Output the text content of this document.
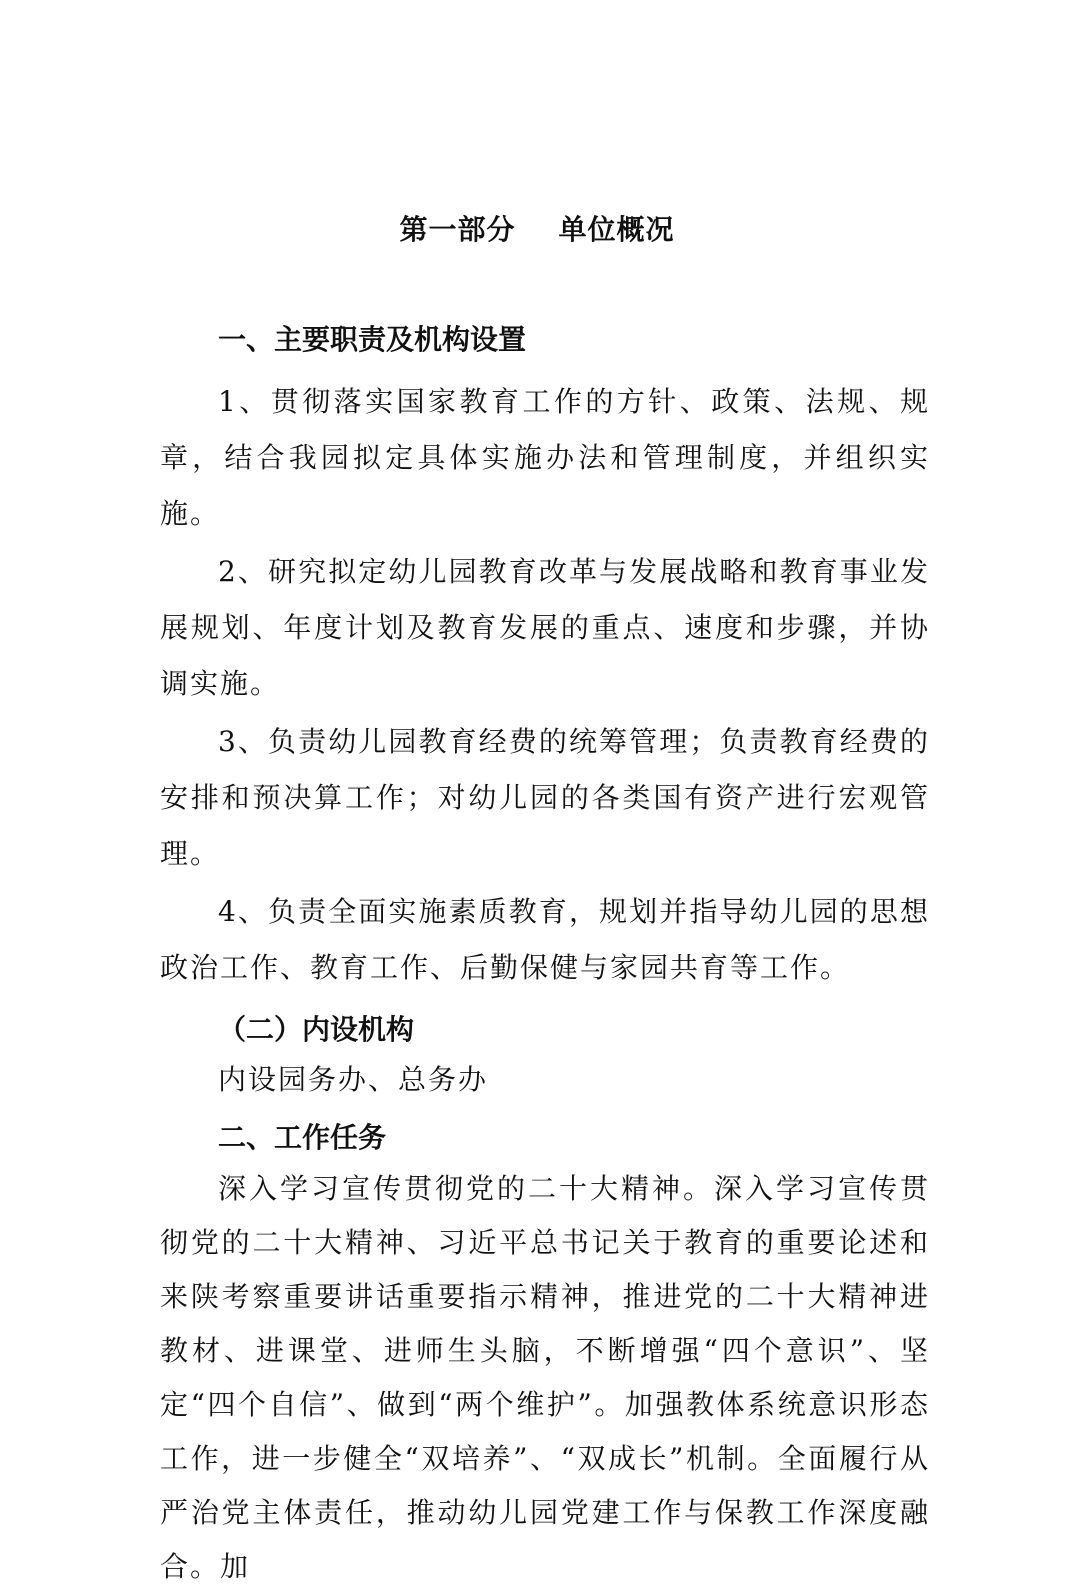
第一部分    单位概况

一、主要职责及机构设置

1、贯彻落实国家教育工作的方针、政策、法规、规章，结合我园拟定具体实施办法和管理制度，并组织实施。

2、研究拟定幼儿园教育改革与发展战略和教育事业发展规划、年度计划及教育发展的重点、速度和步骤，并协调实施。

3、负责幼儿园教育经费的统筹管理；负责教育经费的安排和预决算工作；对幼儿园的各类国有资产进行宏观管理。

4、负责全面实施素质教育，规划并指导幼儿园的思想政治工作、教育工作、后勤保健与家园共育等工作。

（二）内设机构

内设园务办、总务办

二、工作任务

深入学习宣传贯彻党的二十大精神。深入学习宣传贯彻党的二十大精神、习近平总书记关于教育的重要论述和来陕考察重要讲话重要指示精神，推进党的二十大精神进教材、进课堂、进师生头脑，不断增强“四个意识”、坚定“四个自信”、做到“两个维护”。加强教体系统意识形态工作，进一步健全“双培养”、“双成长”机制。全面履行从严治党主体责任，推动幼儿园党建工作与保教工作深度融合。加
